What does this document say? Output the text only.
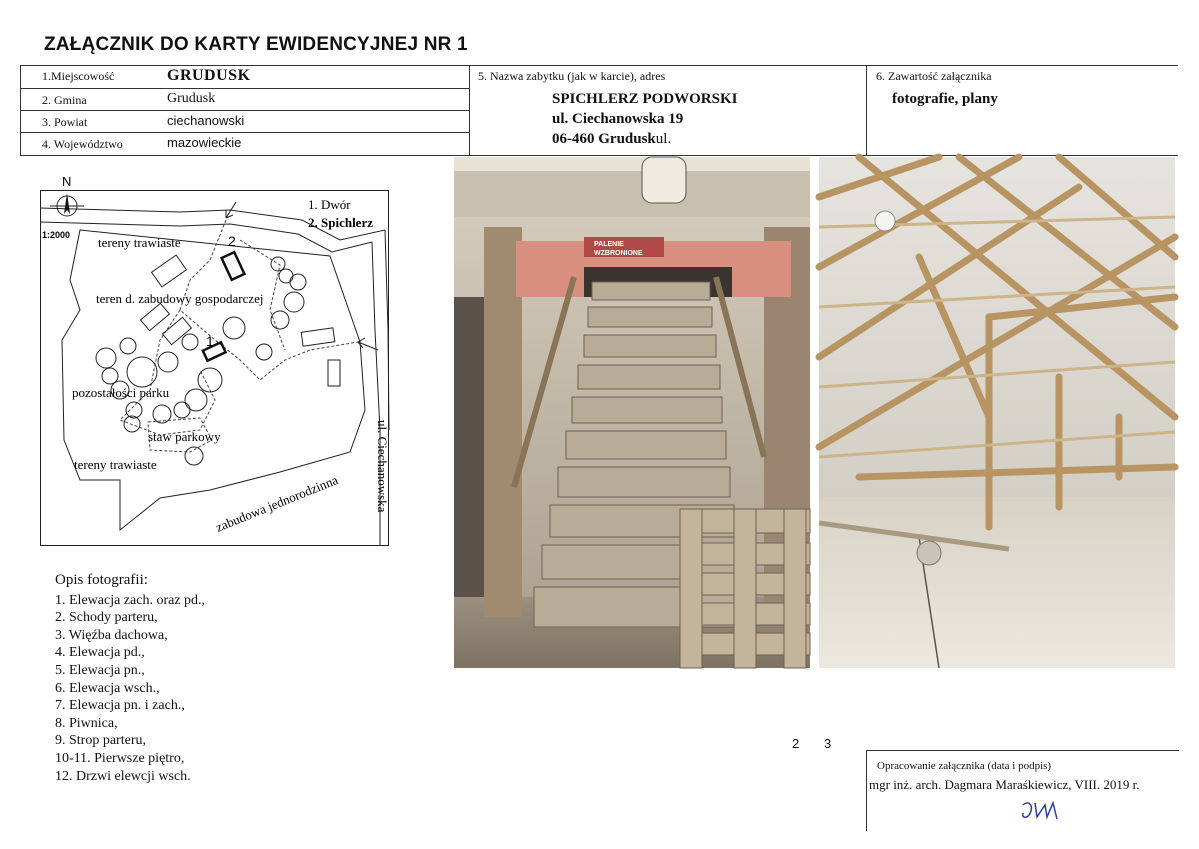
ZAŁĄCZNIK DO KARTY EWIDENCYJNEJ NR 1
1.Miejscowość	GRUDUSK
2. Gmina	Grudusk
3. Powiat	ciechanowski
4. Województwo	mazowieckie
5. Nazwa zabytku (jak w karcie), adres
SPICHLERZ PODWORSKI
ul. Ciechanowska 19
06-460 Gruduskul.
6. Zawartość załącznika
fotografie, plany
N
1:2000
1. Dwór
2. Spichlerz
tereny trawiaste	2
teren d. zabudowy gospodarczej
1
pozostałości parku
staw parkowy
tereny trawiaste
zabudowa jednorodzinna	ul. Ciechanowska
PALENIE
WZBRONIONE
Opis fotografii:
1. Elewacja zach. oraz pd.,
2. Schody parteru,
3. Więźba dachowa,
4. Elewacja pd.,
5. Elewacja pn.,
6. Elewacja wsch.,
7. Elewacja pn. i zach.,
8. Piwnica,
9. Strop parteru,
10-11. Pierwsze piętro,
12. Drzwi elewcji wsch.
2 3
Opracowanie załącznika (data i podpis)
mgr inż. arch. Dagmara Maraśkiewicz, VIII. 2019 r.
